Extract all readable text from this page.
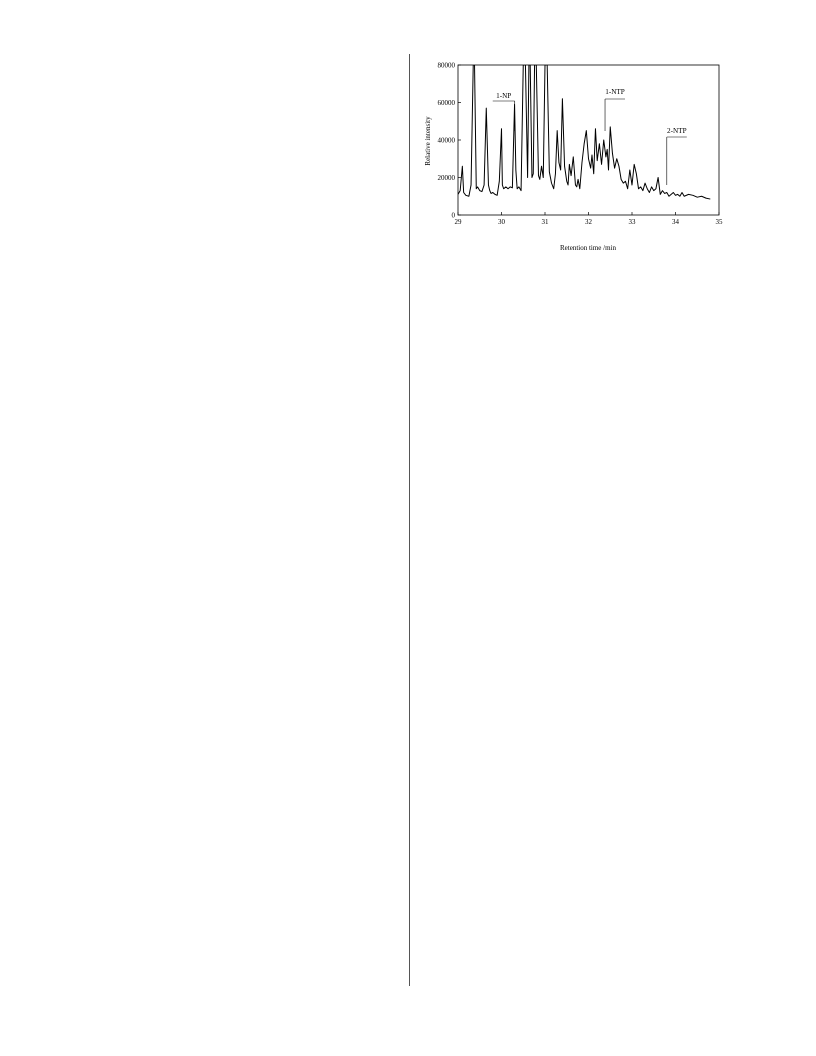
Relative intensity
Retention time /min
0
20000
40000
60000
80000
29	30	31	32	33	34	35
1-NP	1-NTP
2-NTP
